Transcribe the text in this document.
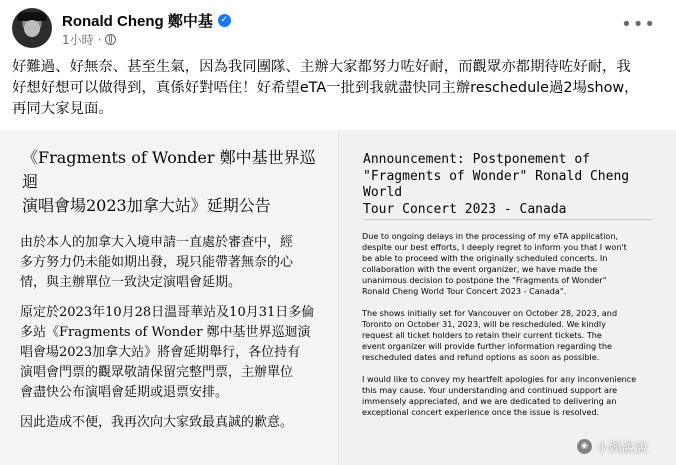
Ronald Cheng 鄭中基 ✓
1小時 ·
•••
好難過、好無奈、甚至生氣，因為我同團隊、主辦大家都努力咗好耐，而觀眾亦都期待咗好耐，我
好想好想可以做得到，真係好對唔住！好希望eTA一批到我就盡快同主辦reschedule過2場show，
再同大家見面。
《Fragments of Wonder 鄭中基世界巡迴
演唱會場2023加拿大站》延期公告

由於本人的加拿大入境申請一直處於審查中，經
多方努力仍未能如期出發，現只能帶著無奈的心
情，與主辦單位一致決定演唱會延期。

原定於2023年10月28日溫哥華站及10月31日多倫
多站《Fragments of Wonder 鄭中基世界巡迴演
唱會場2023加拿大站》將會延期舉行，各位持有
演唱會門票的觀眾敬請保留完整門票，主辦單位
會盡快公布演唱會延期或退票安排。

因此造成不便，我再次向大家致最真誠的歉意。

Announcement: Postponement of
"Fragments of Wonder" Ronald Cheng World
Tour Concert 2023 - Canada

Due to ongoing delays in the processing of my eTA application,
despite our best efforts, I deeply regret to inform you that I won't
be able to proceed with the originally scheduled concerts. In
collaboration with the event organizer, we have made the
unanimous decision to postpone the "Fragments of Wonder"
Ronald Cheng World Tour Concert 2023 - Canada".

The shows initially set for Vancouver on October 28, 2023, and
Toronto on October 31, 2023, will be rescheduled. We kindly
request all ticket holders to retain their current tickets. The
event organizer will provide further information regarding the
rescheduled dates and refund options as soon as possible.

I would like to convey my heartfelt apologies for any inconvenience
this may cause. Your understanding and continued support are
immensely appreciated, and we are dedicated to delivering an
exceptional concert experience once the issue is resolved.

◉ 小娛說說
